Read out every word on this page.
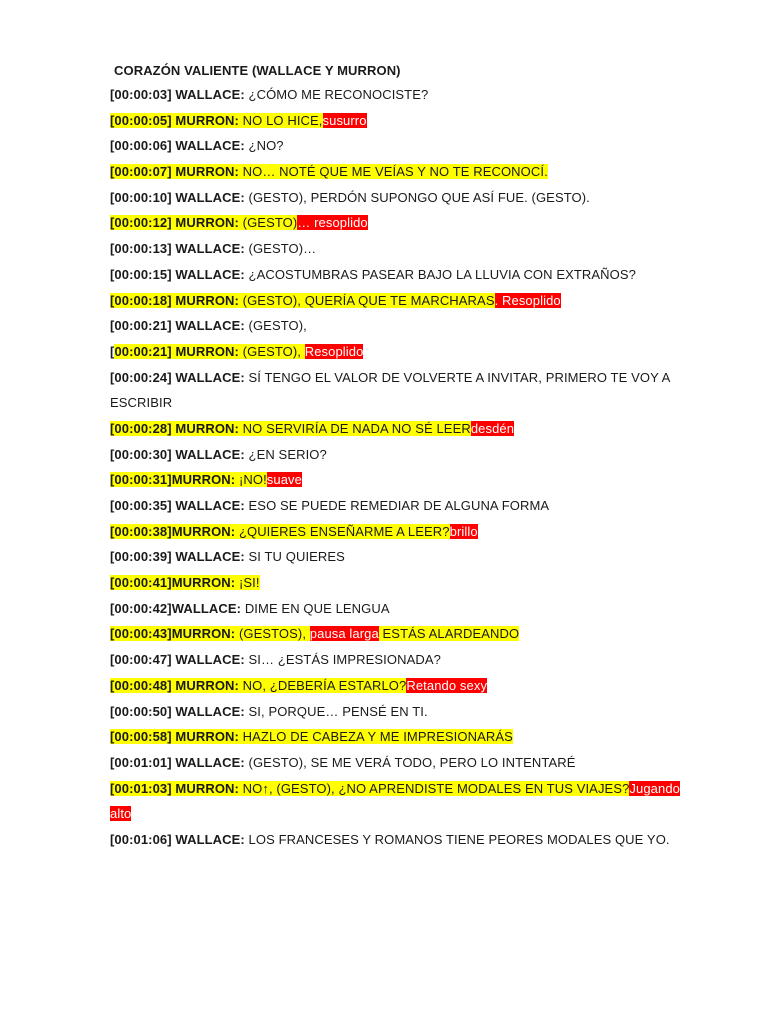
CORAZÓN VALIENTE (WALLACE Y MURRON)
[00:00:03] WALLACE: ¿CÓMO ME RECONOCISTE?
[00:00:05] MURRON: NO LO HICE,susurro
[00:00:06] WALLACE: ¿NO?
[00:00:07] MURRON: NO… NOTÉ QUE ME VEÍAS Y NO TE RECONOCÍ.
[00:00:10] WALLACE: (GESTO), PERDÓN SUPONGO QUE ASÍ FUE. (GESTO).
[00:00:12] MURRON: (GESTO)… resoplido
[00:00:13] WALLACE: (GESTO)…
[00:00:15] WALLACE: ¿ACOSTUMBRAS PASEAR BAJO LA LLUVIA CON EXTRAÑOS?
[00:00:18] MURRON: (GESTO), QUERÍA QUE TE MARCHARAS. Resoplido
[00:00:21] WALLACE: (GESTO),
[00:00:21] MURRON: (GESTO), Resoplido
[00:00:24] WALLACE: SÍ TENGO EL VALOR DE VOLVERTE A INVITAR, PRIMERO TE VOY A
ESCRIBIR
[00:00:28] MURRON: NO SERVIRÍA DE NADA NO SÉ LEERdesdén
[00:00:30] WALLACE: ¿EN SERIO?
[00:00:31]MURRON: ¡NO!suave
[00:00:35] WALLACE: ESO SE PUEDE REMEDIAR DE ALGUNA FORMA
[00:00:38]MURRON: ¿QUIERES ENSEÑARME A LEER?brillo
[00:00:39] WALLACE: SI TU QUIERES
[00:00:41]MURRON: ¡SI!
[00:00:42]WALLACE: DIME EN QUE LENGUA
[00:00:43]MURRON: (GESTOS), pausa larga ESTÁS ALARDEANDO
[00:00:47] WALLACE: SI… ¿ESTÁS IMPRESIONADA?
[00:00:48] MURRON: NO, ¿DEBERÍA ESTARLO?Retando sexy
[00:00:50] WALLACE: SI, PORQUE… PENSÉ EN TI.
[00:00:58] MURRON: HAZLO DE CABEZA Y ME IMPRESIONARÁS
[00:01:01] WALLACE: (GESTO), SE ME VERÁ TODO, PERO LO INTENTARÉ
[00:01:03] MURRON: NO↑, (GESTO), ¿NO APRENDISTE MODALES EN TUS VIAJES?Jugando
alto
[00:01:06] WALLACE: LOS FRANCESES Y ROMANOS TIENE PEORES MODALES QUE YO.
